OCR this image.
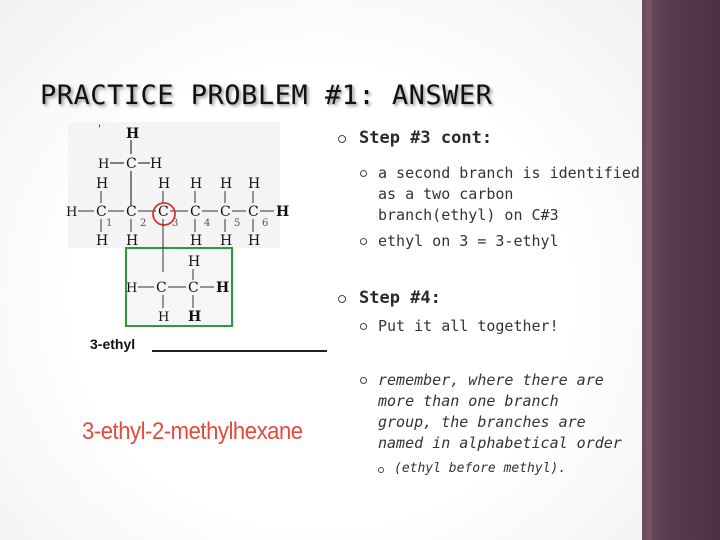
PRACTICE PROBLEM #1: ANSWER
' H
H C H
H	H H H H
H C C C C C C H
1	2	3	4 5 6
H H	H H H
H
H C C H
H H
3-ethyl
3-ethyl-2-methylhexane
Step #3 cont:
a second branch is identified
as a two carbon
branch(ethyl) on C#3
ethyl on 3 = 3-ethyl
Step #4:
Put it all together!
remember, where there are
more than one branch
group, the branches are
named in alphabetical order
(ethyl before methyl).
